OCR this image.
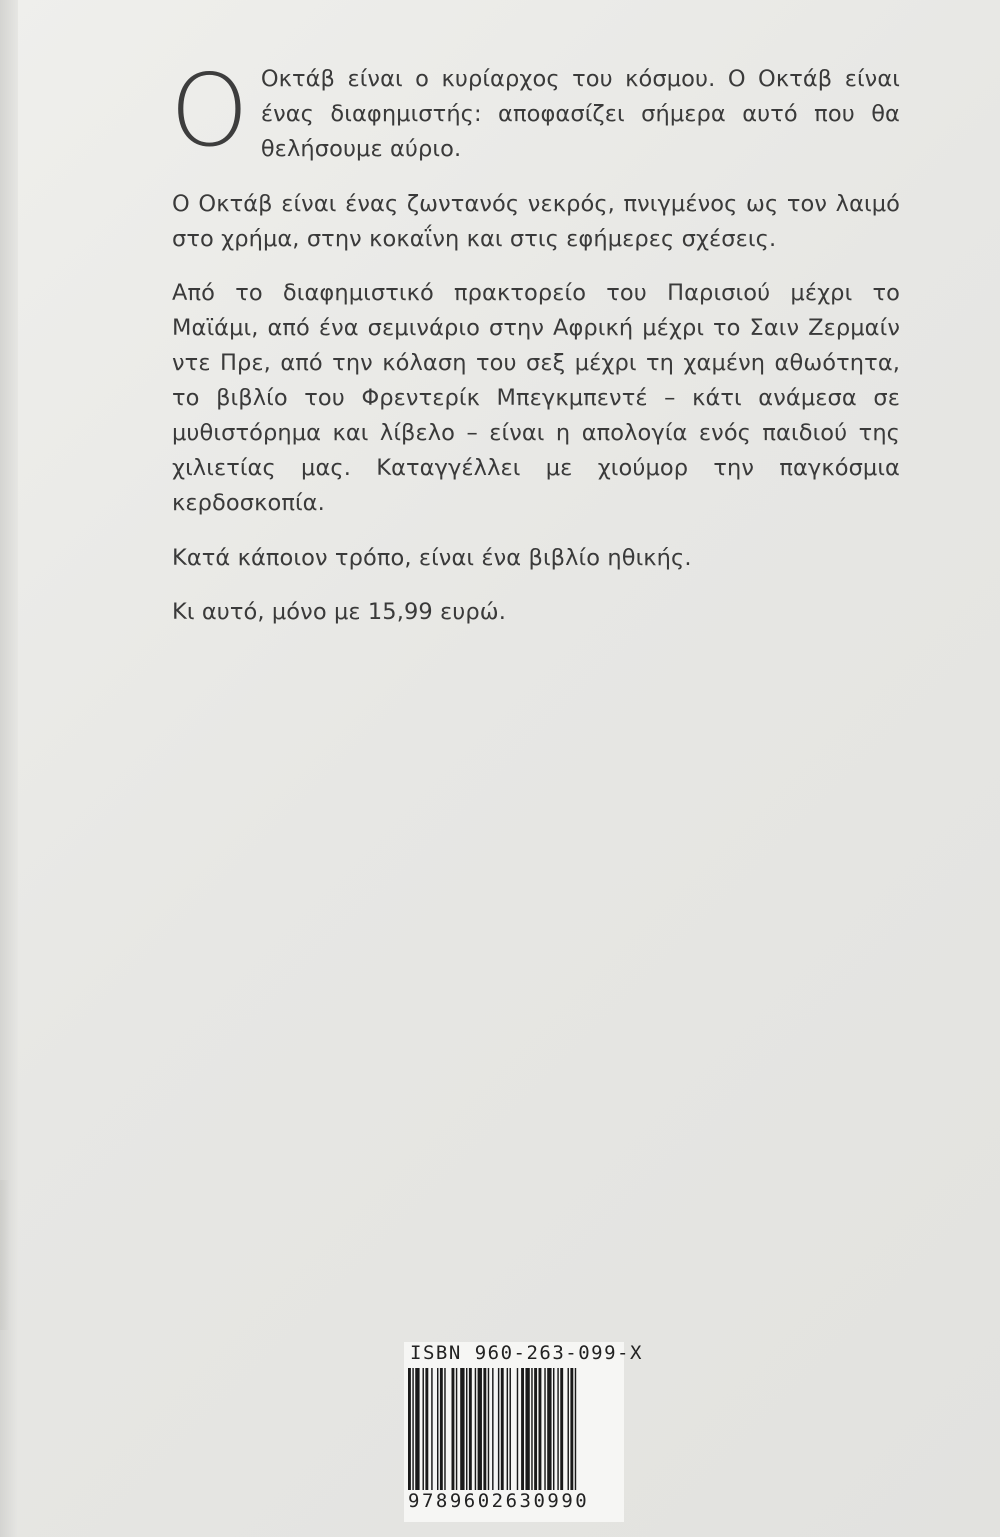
Ο Οκτάβ είναι ο κυρίαρχος του κόσμου. Ο Οκτάβ είναι ένας διαφημιστής: αποφασίζει σήμερα αυτό που θα θελήσουμε αύριο.

Ο Οκτάβ είναι ένας ζωντανός νεκρός, πνιγμένος ως τον λαιμό στο χρήμα, στην κοκαΐνη και στις εφήμερες σχέσεις.

Από το διαφημιστικό πρακτορείο του Παρισιού μέχρι το Μαϊάμι, από ένα σεμινάριο στην Αφρική μέχρι το Σαιν Ζερμαίν ντε Πρε, από την κόλαση του σεξ μέχρι τη χαμένη αθωότητα, το βιβλίο του Φρεντερίκ Μπεγκμπεντέ – κάτι ανάμεσα σε μυθιστόρημα και λίβελο – είναι η απολογία ενός παιδιού της χιλιετίας μας. Καταγγέλλει με χιούμορ την παγκόσμια κερδοσκοπία.

Κατά κάποιον τρόπο, είναι ένα βιβλίο ηθικής.

Κι αυτό, μόνο με 15,99 ευρώ.

ISBN 960-263-099-X
9789602630990
